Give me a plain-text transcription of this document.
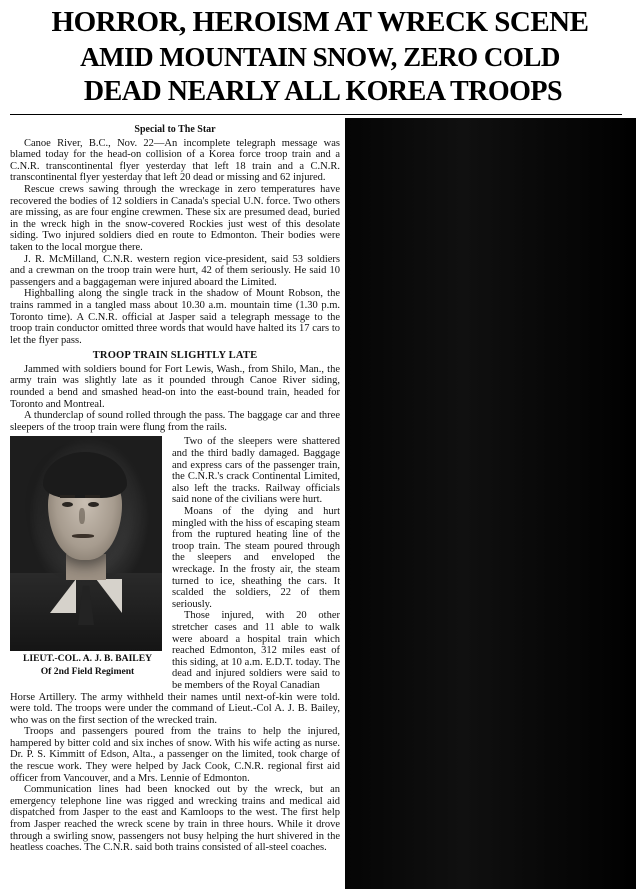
HORROR, HEROISM AT WRECK SCENE
AMID MOUNTAIN SNOW, ZERO COLD
DEAD NEARLY ALL KOREA TROOPS
Special to The Star

Canoe River, B.C., Nov. 22—An incomplete telegraph message was blamed today for the head-on collision of a Korea force troop train and a C.N.R. transcontinental flyer yesterday that left 18 train and a C.N.R. transcontinental flyer yesterday that left 20 dead or missing and 62 injured.

Rescue crews sawing through the wreckage in zero temperatures have recovered the bodies of 12 soldiers in Canada's special U.N. force. Two others are missing, as are four engine crewmen. These six are presumed dead, buried in the wreck high in the snow-covered Rockies just west of this desolate siding. Two injured soldiers died en route to Edmonton. Their bodies were taken to the local morgue there.

J. R. McMilland, C.N.R. western region vice-president, said 53 soldiers and a crewman on the troop train were hurt, 42 of them seriously. He said 10 passengers and a baggageman were injured aboard the Limited.

Highballing along the single track in the shadow of Mount Robson, the trains rammed in a tangled mass about 10.30 a.m. mountain time (1.30 p.m. Toronto time). A C.N.R. official at Jasper said a telegraph message to the troop train conductor omitted three words that would have halted its 17 cars to let the flyer pass.

TROOP TRAIN SLIGHTLY LATE

Jammed with soldiers bound for Fort Lewis, Wash., from Shilo, Man., the army train was slightly late as it pounded through Canoe River siding, rounded a bend and smashed head-on into the east-bound train, headed for Toronto and Montreal.

A thunderclap of sound rolled through the pass. The baggage car and three sleepers of the troop train were flung from the rails.

LIEUT.-COL. A. J. B. BAILEY
Of 2nd Field Regiment

Two of the sleepers were shattered and the third badly damaged. Baggage and express cars of the passenger train, the C.N.R.'s crack Continental Limited, also left the tracks. Railway officials said none of the civilians were hurt.

Moans of the dying and hurt mingled with the hiss of escaping steam from the ruptured heating line of the troop train. The steam poured through the sleepers and enveloped the wreckage. In the frosty air, the steam turned to ice, sheathing the cars. It scalded the soldiers, 22 of them seriously.

Those injured, with 20 other stretcher cases and 11 able to walk were aboard a hospital train which reached Edmonton, 312 miles east of this siding, at 10 a.m. E.D.T. today. The dead and injured soldiers were said to be members of the Royal Canadian

Horse Artillery. The army withheld their names until next-of-kin were told. were told. The troops were under the command of Lieut.-Col A. J. B. Bailey, who was on the first section of the wrecked train.

Troops and passengers poured from the trains to help the injured, hampered by bitter cold and six inches of snow. With his wife acting as nurse. Dr. P. S. Kimmitt of Edson, Alta., a passenger on the limited, took charge of the rescue work. They were helped by Jack Cook, C.N.R. regional first aid officer from Vancouver, and a Mrs. Lennie of Edmonton.

Communication lines had been knocked out by the wreck, but an emergency telephone line was rigged and wrecking trains and medical aid dispatched from Jasper to the east and Kamloops to the west. The first help from Jasper reached the wreck scene by train in three hours. While it drove through a swirling snow, passengers not busy helping the hurt shivered in the heatless coaches. The C.N.R. said both trains consisted of all-steel coaches.
